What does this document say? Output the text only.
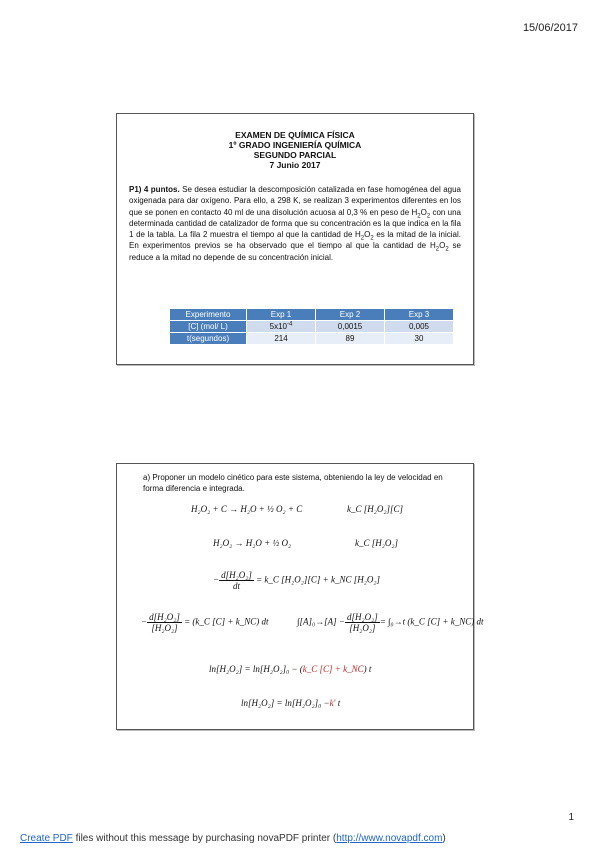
15/06/2017
EXAMEN DE QUÍMICA FÍSICA
1º GRADO INGENIERÍA QUÍMICA
SEGUNDO PARCIAL
7 Junio 2017
P1) 4 puntos. Se desea estudiar la descomposición catalizada en fase homogénea del agua oxigenada para dar oxígeno. Para ello, a 298 K, se realizan 3 experimentos diferentes en los que se ponen en contacto 40 ml de una disolución acuosa al 0,3 % en peso de $H_2O_2$ con una determinada cantidad de catalizador de forma que su concentración es la que indica en la fila 1 de la tabla. La fila 2 muestra el tiempo al que la cantidad de $H_2O_2$ es la mitad de la inicial. En experimentos previos se ha observado que el tiempo al que la cantidad de $H_2O_2$ se reduce a la mitad no depende de su concentración inicial.
Experimento	Exp 1	Exp 2	Exp 3
[C] (mol/ L)	$5x10^{-4}$	0,0015	0,005
t(segundos)	214	89	30
a) Proponer un modelo cinético para este sistema, obteniendo la ley de velocidad en forma diferencia e integrada.
H₂O₂ + C → H₂O + ½ O₂ + C	k_C [H₂O₂][C]
H₂O₂ → H₂O + ½ O₂	k_C [H₂O₂]
− $\frac{\text{d[H₂O₂]}}{dt}$ = k_C [H₂O₂][C] + k_NC [H₂O₂]
− $\frac{\text{d[H₂O₂]}}{\text{[H₂O₂]}}$ = (k_C [C] + k_NC) dt	$\int[A]_0\to[A] - \frac{\text{d[H₂O₂]}}{\text{[H₂O₂]}} = \int_0\to t$ (k_C [C] + k_NC) dt
ln[H₂O₂] = ln[H₂O₂]₀ − (k_C [C] + k_NC) t
ln[H₂O₂] = ln[H₂O₂]₀ −k' t
1
Create PDF files without this message by purchasing novaPDF printer (http://www.novapdf.com)
